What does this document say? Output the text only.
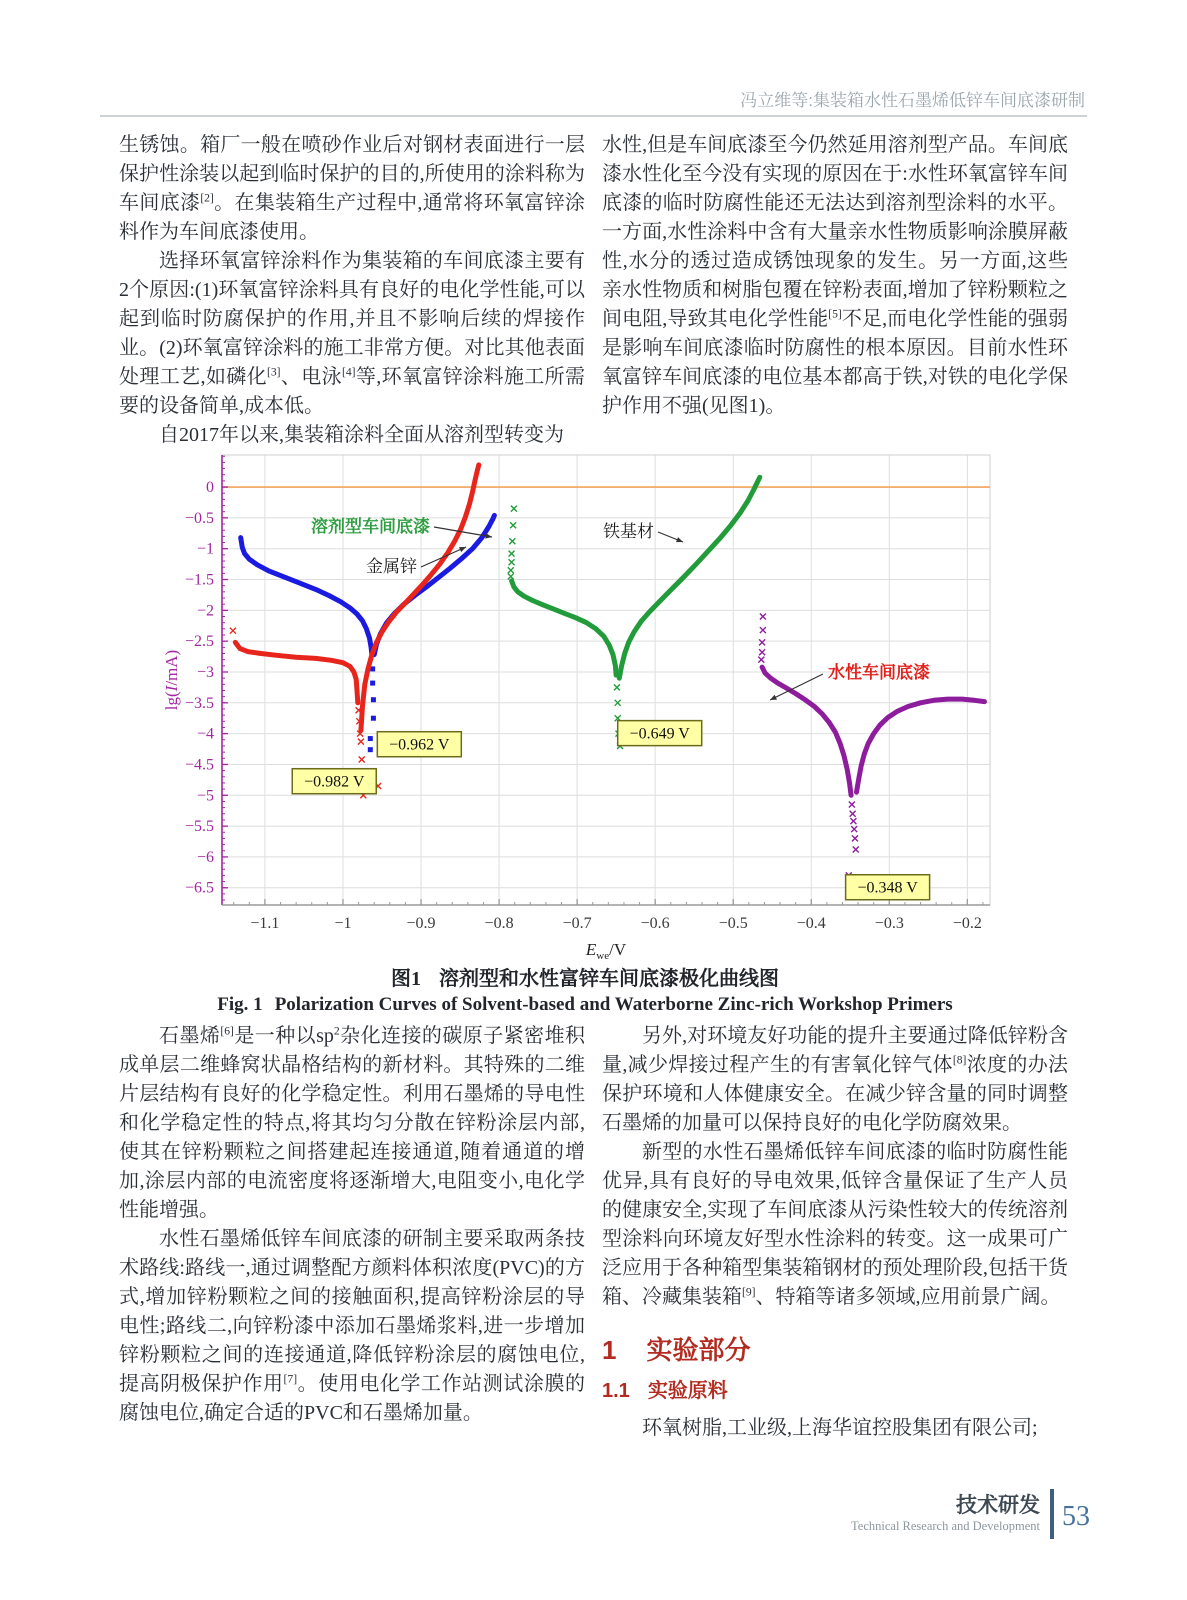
冯立维等:集装箱水性石墨烯低锌车间底漆研制

生锈蚀。箱厂一般在喷砂作业后对钢材表面进行一层保护性涂装以起到临时保护的目的,所使用的涂料称为车间底漆[2]。在集装箱生产过程中,通常将环氧富锌涂料作为车间底漆使用。

选择环氧富锌涂料作为集装箱的车间底漆主要有2个原因:(1)环氧富锌涂料具有良好的电化学性能,可以起到临时防腐保护的作用,并且不影响后续的焊接作业。(2)环氧富锌涂料的施工非常方便。对比其他表面处理工艺,如磷化[3]、电泳[4]等,环氧富锌涂料施工所需要的设备简单,成本低。

自2017年以来,集装箱涂料全面从溶剂型转变为

水性,但是车间底漆至今仍然延用溶剂型产品。车间底漆水性化至今没有实现的原因在于:水性环氧富锌车间底漆的临时防腐性能还无法达到溶剂型涂料的水平。一方面,水性涂料中含有大量亲水性物质影响涂膜屏蔽性,水分的透过造成锈蚀现象的发生。另一方面,这些亲水性物质和树脂包覆在锌粉表面,增加了锌粉颗粒之间电阻,导致其电化学性能[5]不足,而电化学性能的强弱是影响车间底漆临时防腐性的根本原因。目前水性环氧富锌车间底漆的电位基本都高于铁,对铁的电化学保护作用不强(见图1)。

−1.1	−1	−0.9	−0.8	−0.7	−0.6	−0.5	−0.4	−0.3	−0.2
0
−0.5
−1
−1.5
−2
−2.5
−3
−3.5
−4
−4.5
−5
−5.5
−6
−6.5
$E_{we}/V$
lg(I/mA)
−0.962 V
−0.982 V
−0.649 V
−0.348 V
溶剂型车间底漆
金属锌
铁基材
水性车间底漆
图1 溶剂型和水性富锌车间底漆极化曲线图
Fig. 1 Polarization Curves of Solvent-based and Waterborne Zinc-rich Workshop Primers

石墨烯[6]是一种以$sp^2$杂化连接的碳原子紧密堆积成单层二维蜂窝状晶格结构的新材料。其特殊的二维片层结构有良好的化学稳定性。利用石墨烯的导电性和化学稳定性的特点,将其均匀分散在锌粉涂层内部,使其在锌粉颗粒之间搭建起连接通道,随着通道的增加,涂层内部的电流密度将逐渐增大,电阻变小,电化学性能增强。

水性石墨烯低锌车间底漆的研制主要采取两条技术路线:路线一,通过调整配方颜料体积浓度(PVC)的方式,增加锌粉颗粒之间的接触面积,提高锌粉涂层的导电性;路线二,向锌粉漆中添加石墨烯浆料,进一步增加锌粉颗粒之间的连接通道,降低锌粉涂层的腐蚀电位,提高阴极保护作用[7]。使用电化学工作站测试涂膜的腐蚀电位,确定合适的PVC和石墨烯加量。

另外,对环境友好功能的提升主要通过降低锌粉含量,减少焊接过程产生的有害氧化锌气体[8]浓度的办法保护环境和人体健康安全。在减少锌含量的同时调整石墨烯的加量可以保持良好的电化学防腐效果。

新型的水性石墨烯低锌车间底漆的临时防腐性能优异,具有良好的导电效果,低锌含量保证了生产人员的健康安全,实现了车间底漆从污染性较大的传统溶剂型涂料向环境友好型水性涂料的转变。这一成果可广泛应用于各种箱型集装箱钢材的预处理阶段,包括干货箱、冷藏集装箱[9]、特箱等诸多领域,应用前景广阔。

1 实验部分
1.1 实验原料

环氧树脂,工业级,上海华谊控股集团有限公司;

技术研发
Technical Research and Development 53
